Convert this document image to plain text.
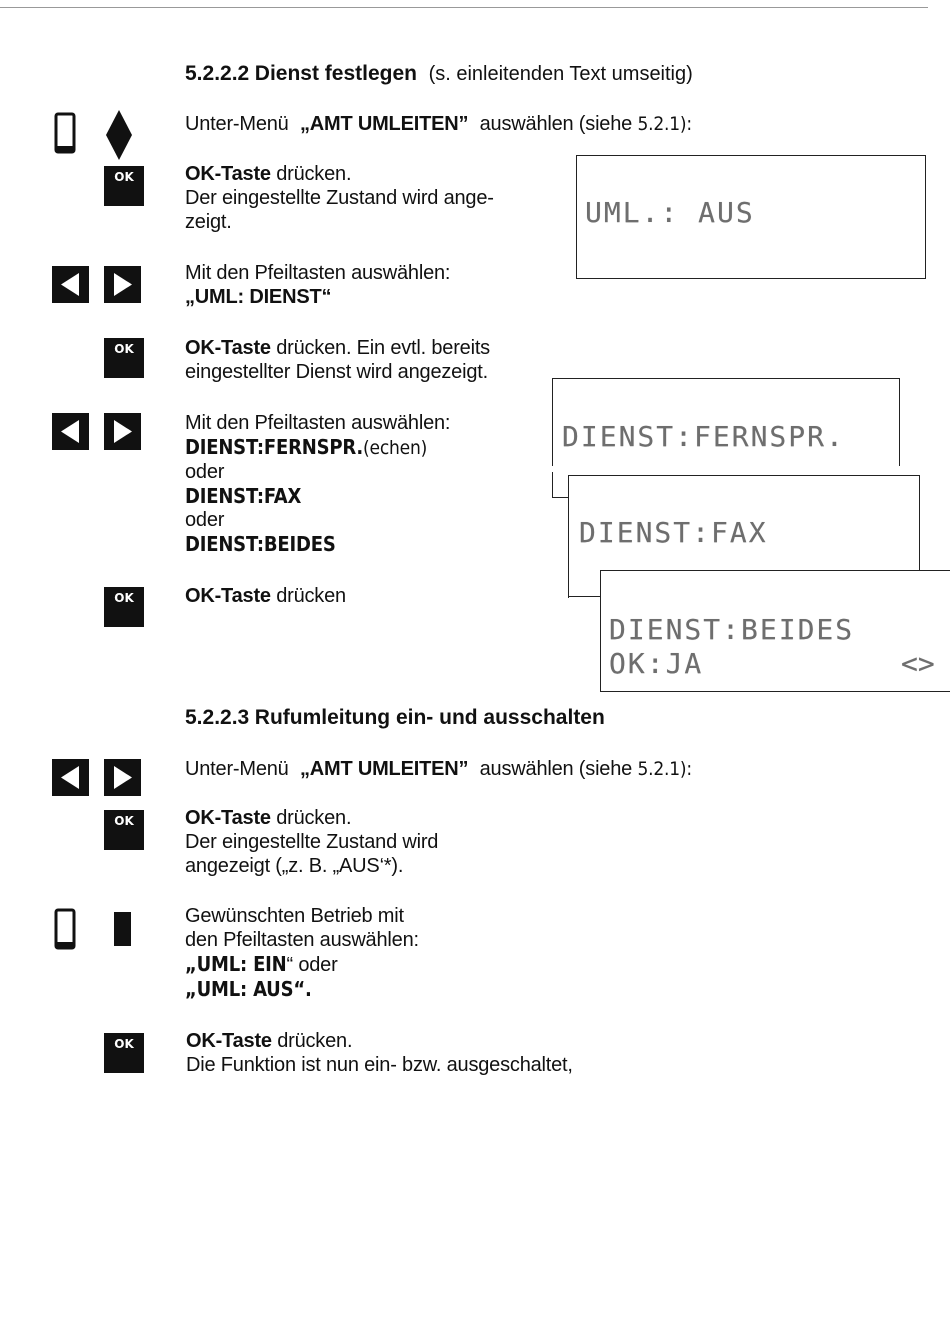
5.2.2.2 Dienst festlegen (s. einleitenden Text umseitig)
Unter-Menü „AMT UMLEITEN” auswählen (siehe 5.2.1):
OK	OK-Taste drücken.
Der eingestellte Zustand wird ange-
zeigt.	UML.: AUS
Mit den Pfeiltasten auswählen:
„UML: DIENST“
OK	OK-Taste drücken. Ein evtl. bereits
eingestellter Dienst wird angezeigt.
Mit den Pfeiltasten auswählen:
DIENST:FERNSPR.(echen)
oder
DIENST:FAX
oder
DIENST:BEIDES
DIENST:FERNSPR.
DIENST:FAX
DIENST:BEIDES
OK:JA	<>
OK	OK-Taste drücken
5.2.2.3 Rufumleitung ein- und ausschalten
Unter-Menü „AMT UMLEITEN” auswählen (siehe 5.2.1):
OK	OK-Taste drücken.
Der eingestellte Zustand wird
angezeigt („z. B. „AUS‘*).
Gewünschten Betrieb mit
den Pfeiltasten auswählen:
„UML: EIN“ oder
„UML: AUS“.
OK	OK-Taste drücken.
Die Funktion ist nun ein- bzw. ausgeschaltet,
